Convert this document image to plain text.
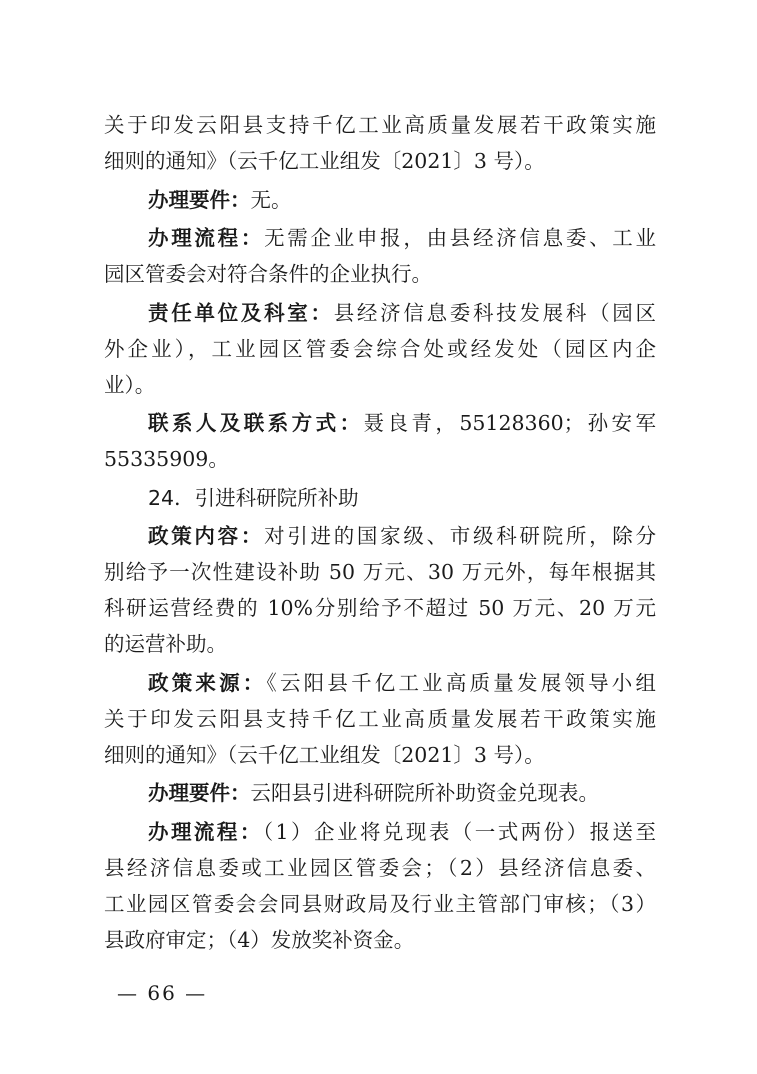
关于印发云阳县支持千亿工业高质量发展若干政策实施
细则的通知》（云千亿工业组发〔2021〕3 号）。
办理要件：无。
办理流程：无需企业申报，由县经济信息委、工业
园区管委会对符合条件的企业执行。
责任单位及科室：县经济信息委科技发展科（园区
外企业），工业园区管委会综合处或经发处（园区内企
业）。
联系人及联系方式：聂良青，55128360；孙安军
55335909。
24．引进科研院所补助
政策内容：对引进的国家级、市级科研院所，除分
别给予一次性建设补助 50 万元、30 万元外，每年根据其
科研运营经费的 10%分别给予不超过 50 万元、20 万元
的运营补助。
政策来源：《云阳县千亿工业高质量发展领导小组
关于印发云阳县支持千亿工业高质量发展若干政策实施
细则的通知》（云千亿工业组发〔2021〕3 号）。
办理要件：云阳县引进科研院所补助资金兑现表。
办理流程：（1）企业将兑现表（一式两份）报送至
县经济信息委或工业园区管委会；（2）县经济信息委、
工业园区管委会会同县财政局及行业主管部门审核；（3）
县政府审定；（4）发放奖补资金。
— 66 —
